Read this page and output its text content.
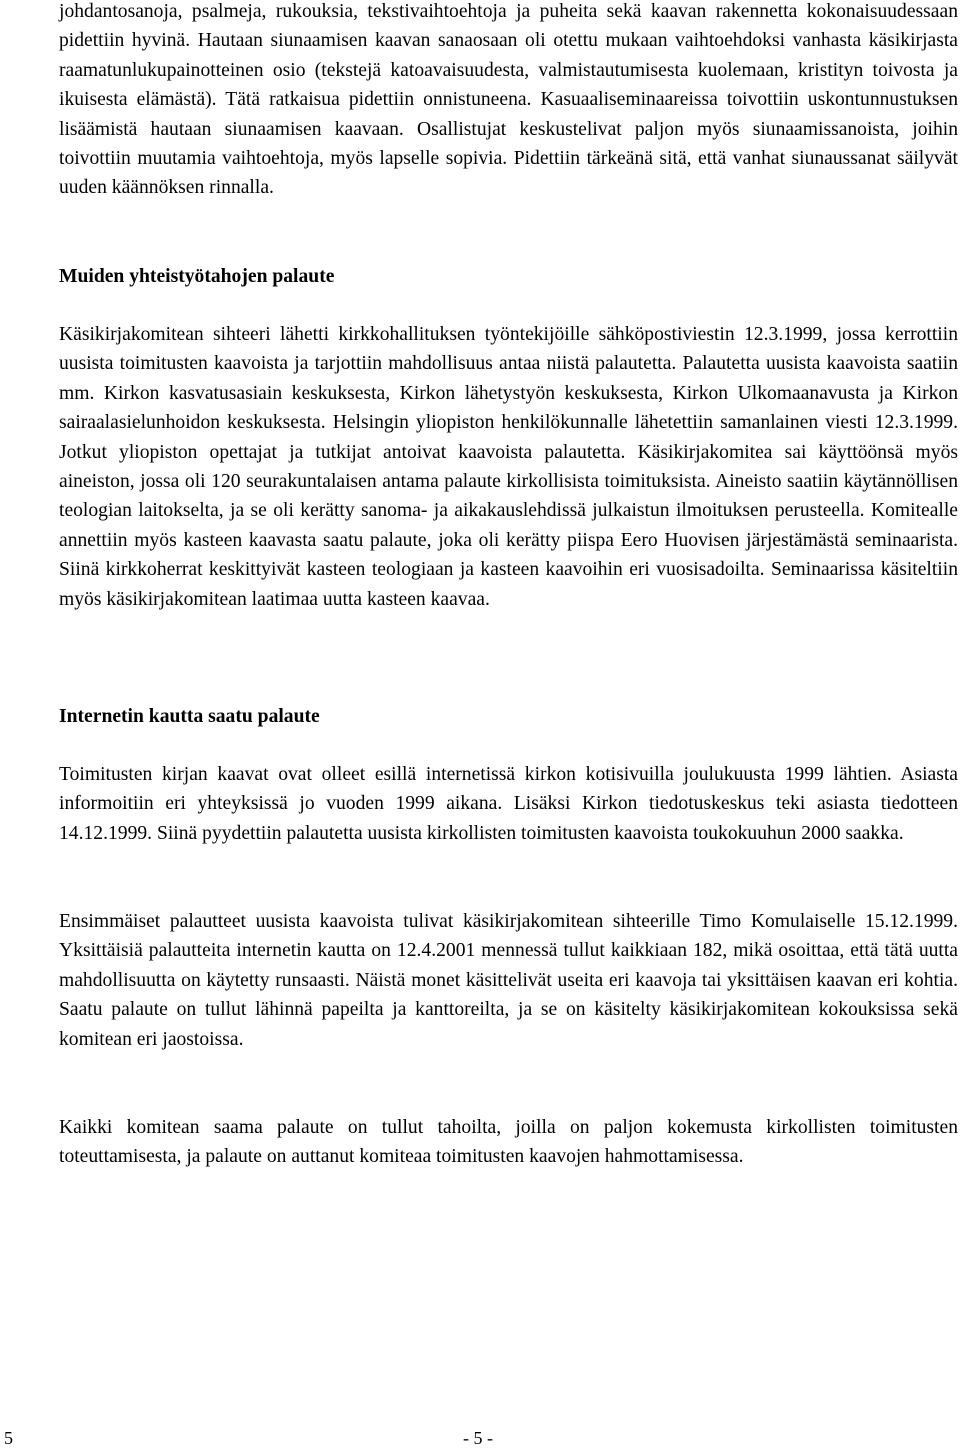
johdantosanoja, psalmeja, rukouksia, tekstivaihtoehtoja ja puheita sekä kaavan rakennetta kokonaisuudessaan pidettiin hyvinä. Hautaan siunaamisen kaavan sanaosaan oli otettu mukaan vaihtoehdoksi vanhasta käsikirjasta raamatunlukupainotteinen osio (tekstejä katoavaisuudesta, valmistautumisesta kuolemaan, kristityn toivosta ja ikuisesta elämästä). Tätä ratkaisua pidettiin onnistuneena. Kasuaaliseminaareissa toivottiin uskontunnustuksen lisäämistä hautaan siunaamisen kaavaan. Osallistujat keskustelivat paljon myös siunaamissanoista, joihin toivottiin muutamia vaihtoehtoja, myös lapselle sopivia. Pidettiin tärkeänä sitä, että vanhat siunaussanat säilyvät uuden käännöksen rinnalla.

Muiden yhteistyötahojen palaute

Käsikirjakomitean sihteeri lähetti kirkkohallituksen työntekijöille sähköpostiviestin 12.3.1999, jossa kerrottiin uusista toimitusten kaavoista ja tarjottiin mahdollisuus antaa niistä palautetta. Palautetta uusista kaavoista saatiin mm. Kirkon kasvatusasiain keskuksesta, Kirkon lähetystyön keskuksesta, Kirkon Ulkomaanavusta ja Kirkon sairaalasielunhoidon keskuksesta. Helsingin yliopiston henkilökunnalle lähetettiin samanlainen viesti 12.3.1999. Jotkut yliopiston opettajat ja tutkijat antoivat kaavoista palautetta. Käsikirjakomitea sai käyttöönsä myös aineiston, jossa oli 120 seurakuntalaisen antama palaute kirkollisista toimituksista. Aineisto saatiin käytännöllisen teologian laitokselta, ja se oli kerätty sanoma- ja aikakauslehdissä julkaistun ilmoituksen perusteella. Komitealle annettiin myös kasteen kaavasta saatu palaute, joka oli kerätty piispa Eero Huovisen järjestämästä seminaarista. Siinä kirkkoherrat keskittyivät kasteen teologiaan ja kasteen kaavoihin eri vuosisadoilta. Seminaarissa käsiteltiin myös käsikirjakomitean laatimaa uutta kasteen kaavaa.

Internetin kautta saatu palaute

Toimitusten kirjan kaavat ovat olleet esillä internetissä kirkon kotisivuilla joulukuusta 1999 lähtien. Asiasta informoitiin eri yhteyksissä jo vuoden 1999 aikana. Lisäksi Kirkon tiedotuskeskus teki asiasta tiedotteen 14.12.1999. Siinä pyydettiin palautetta uusista kirkollisten toimitusten kaavoista toukokuuhun 2000 saakka.

Ensimmäiset palautteet uusista kaavoista tulivat käsikirjakomitean sihteerille Timo Komulaiselle 15.12.1999. Yksittäisiä palautteita internetin kautta on 12.4.2001 mennessä tullut kaikkiaan 182, mikä osoittaa, että tätä uutta mahdollisuutta on käytetty runsaasti. Näistä monet käsittelivät useita eri kaavoja tai yksittäisen kaavan eri kohtia. Saatu palaute on tullut lähinnä papeilta ja kanttoreilta, ja se on käsitelty käsikirjakomitean kokouksissa sekä komitean eri jaostoissa.

Kaikki komitean saama palaute on tullut tahoilta, joilla on paljon kokemusta kirkollisten toimitusten toteuttamisesta, ja palaute on auttanut komiteaa toimitusten kaavojen hahmottamisessa.

5	- 5 -
